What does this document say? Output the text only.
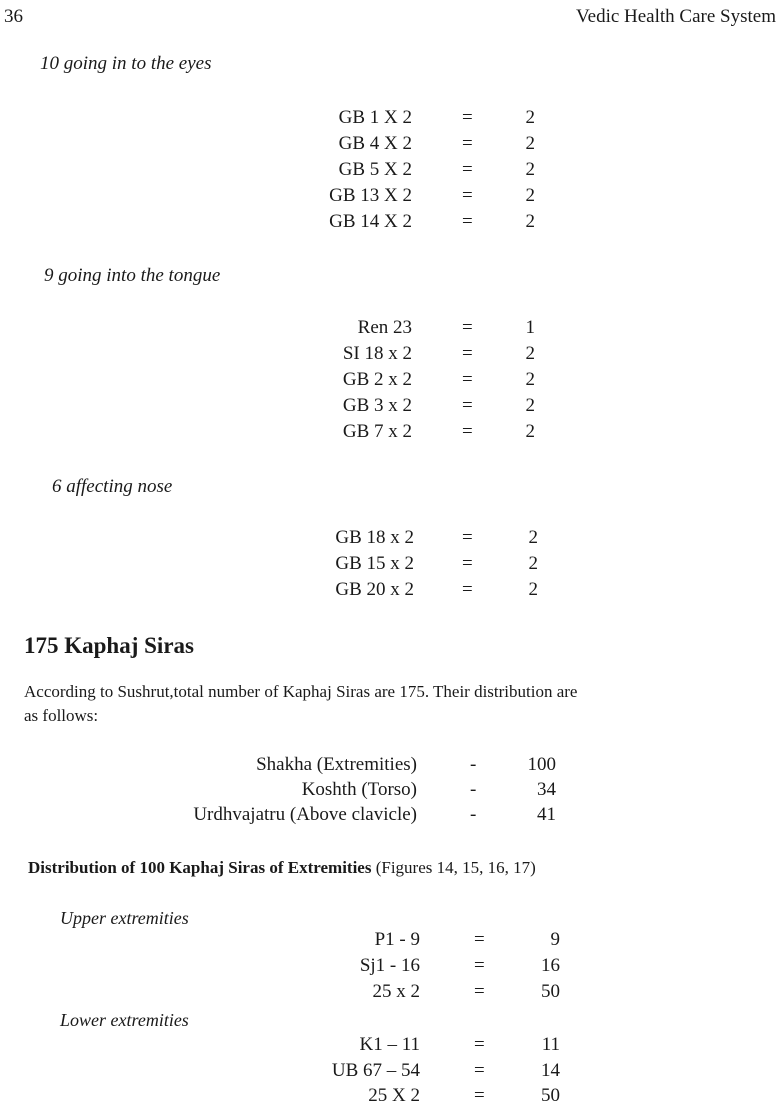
36	Vedic Health Care System
10 going in to the eyes
GB 1 X 2	=	2
GB 4 X 2	=	2
GB 5 X 2	=	2
GB 13 X 2	=	2
GB 14 X 2	=	2
9 going into the tongue
Ren 23	=	1
SI 18 x 2	=	2
GB 2 x 2	=	2
GB 3 x 2	=	2
GB 7 x 2	=	2
6 affecting nose
GB 18 x 2	=	2
GB 15 x 2	=	2
GB 20 x 2	=	2
175 Kaphaj Siras
According to Sushrut,total number of Kaphaj Siras are 175. Their distribution are
as follows:
Shakha (Extremities)	-	100
Koshth (Torso)	-	34
Urdhvajatru (Above clavicle)	-	41
Distribution of 100 Kaphaj Siras of Extremities (Figures 14, 15, 16, 17)
Upper extremities
P1 - 9	=	9
Sj1 - 16	=	16
25 x 2	=	50
Lower extremities
K1 – 11	=	11
UB 67 – 54	=	14
25 X 2	=	50
